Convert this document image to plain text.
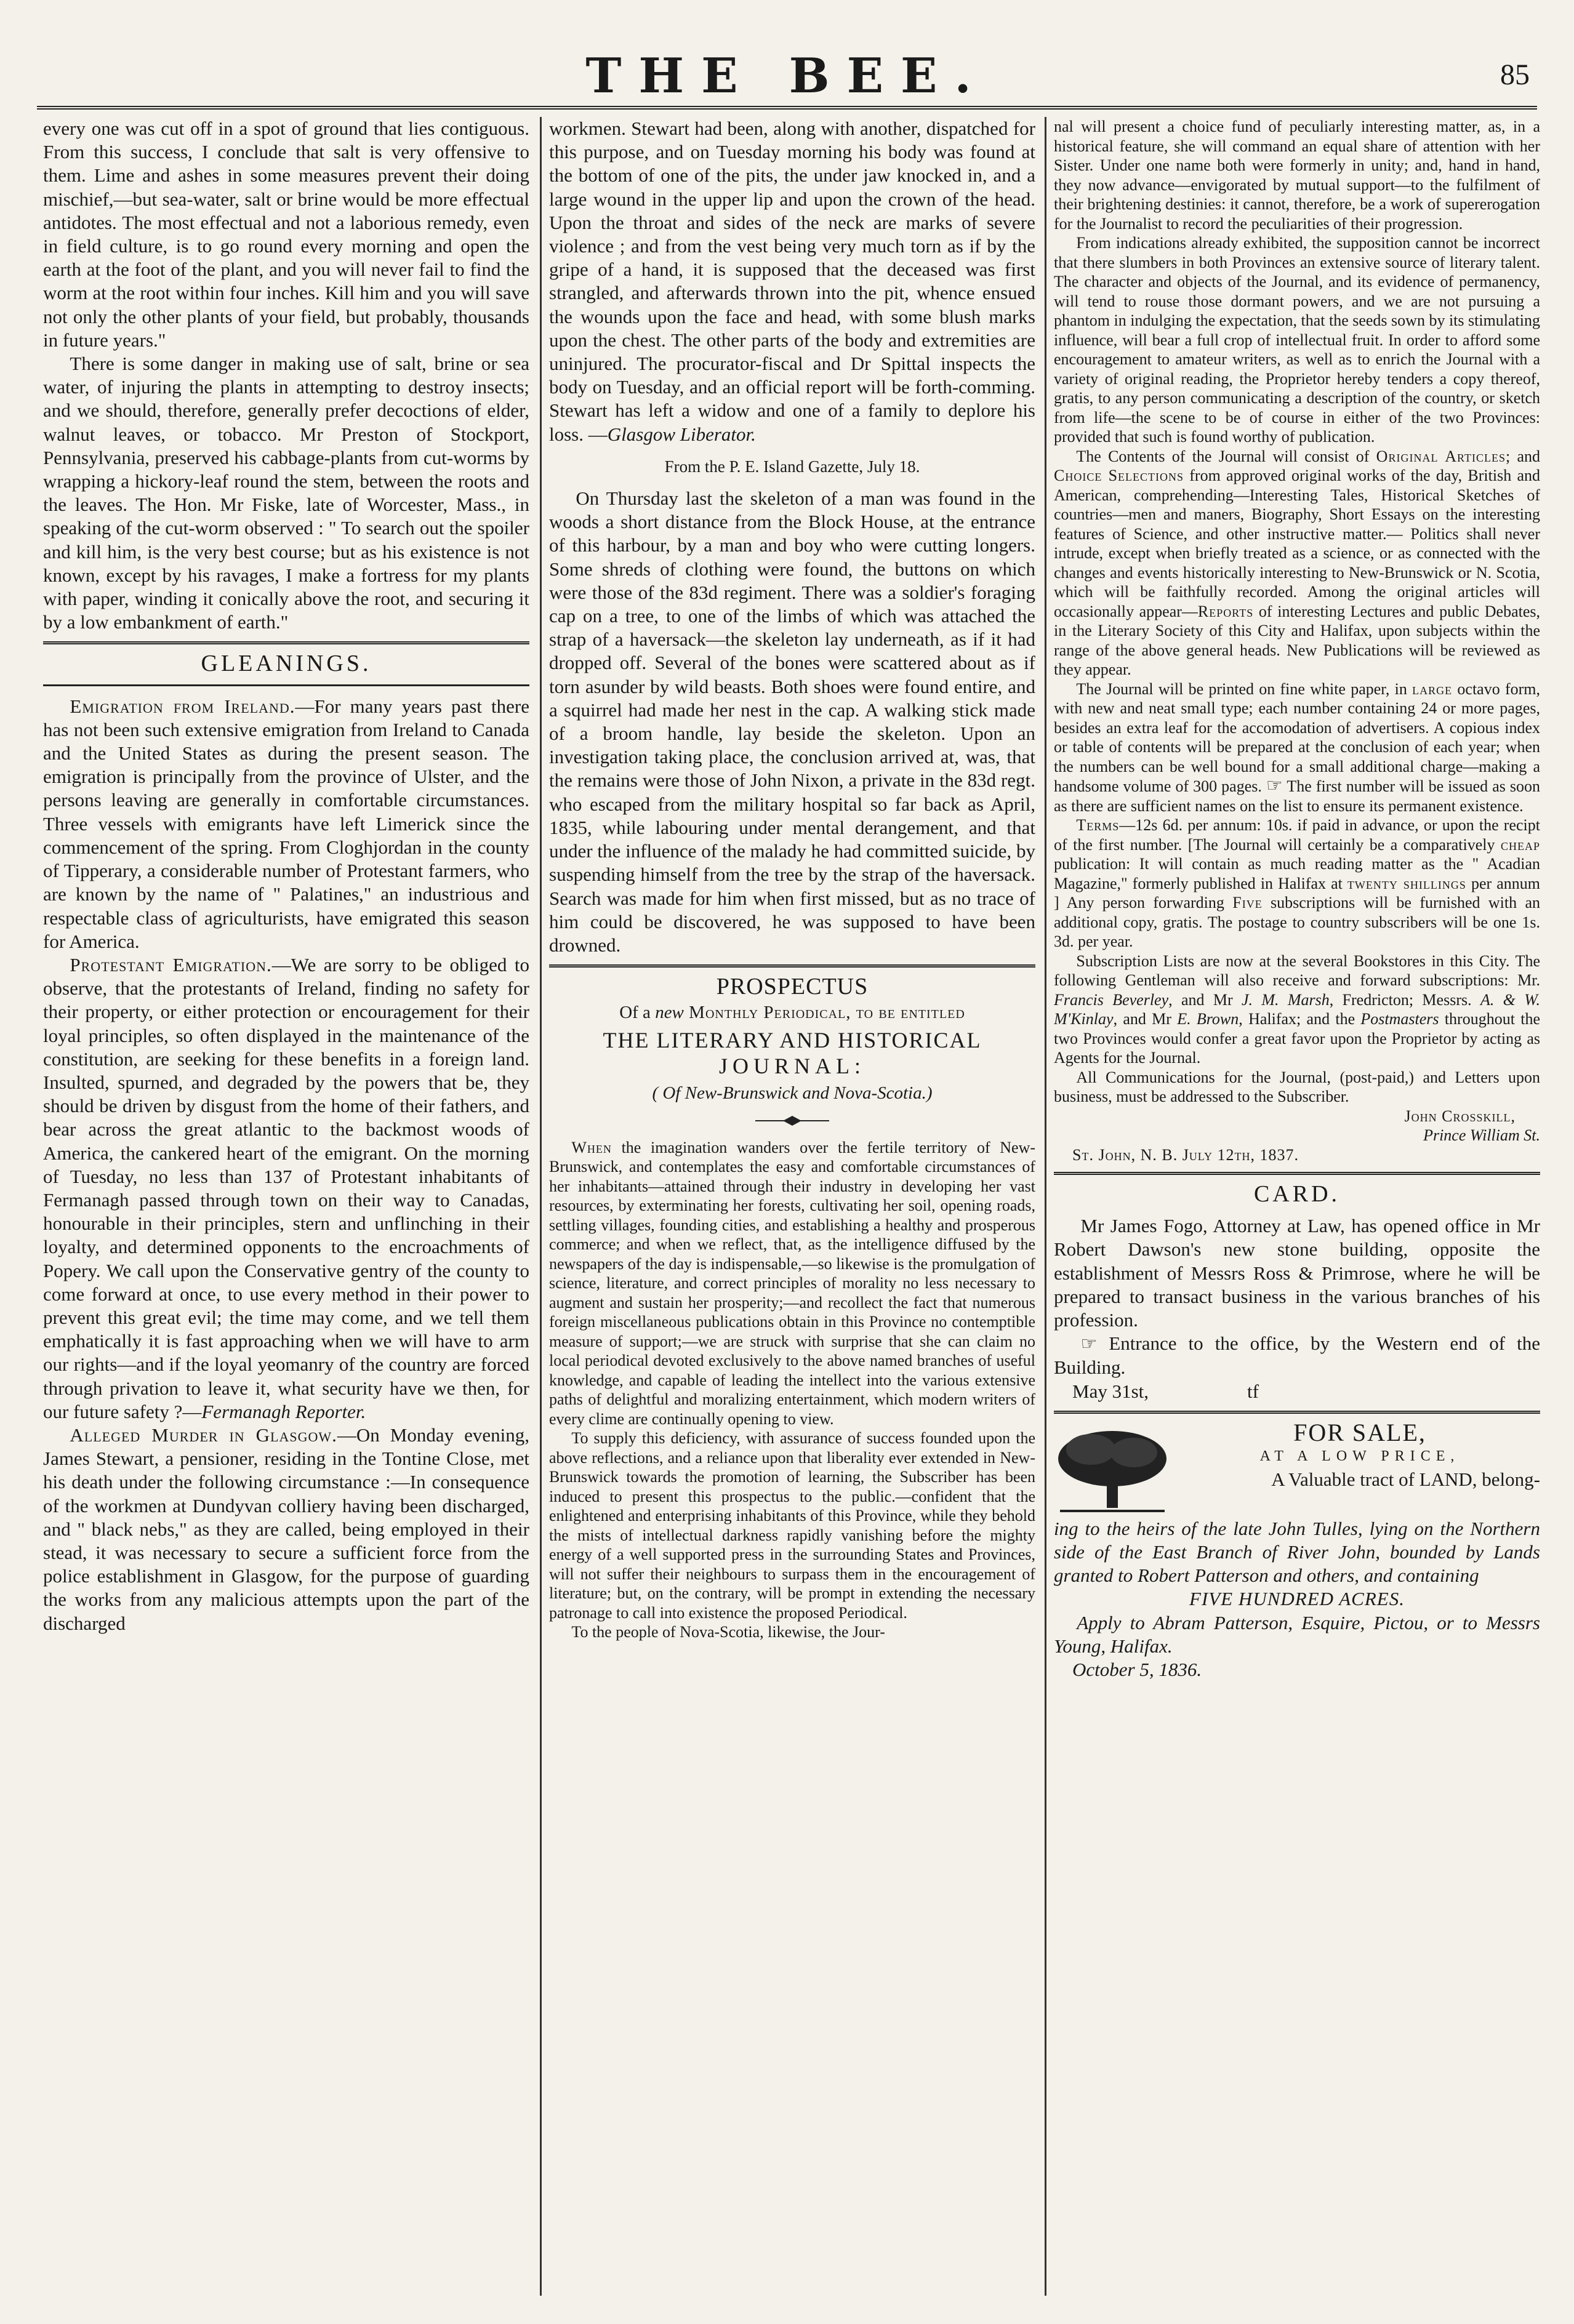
THE BEE.	85

every one was cut off in a spot of ground that lies contiguous. From this success, I conclude that salt is very offensive to them. Lime and ashes in some measures prevent their doing mischief,—but sea-water, salt or brine would be more effectual antidotes. The most effectual and not a laborious remedy, even in field culture, is to go round every morning and open the earth at the foot of the plant, and you will never fail to find the worm at the root within four inches. Kill him and you will save not only the other plants of your field, but probably, thousands in future years."

There is some danger in making use of salt, brine or sea water, of injuring the plants in attempting to destroy insects; and we should, therefore, generally prefer decoctions of elder, walnut leaves, or tobacco. Mr Preston of Stockport, Pennsylvania, preserved his cabbage-plants from cut-worms by wrapping a hickory-leaf round the stem, between the roots and the leaves. The Hon. Mr Fiske, late of Worcester, Mass., in speaking of the cut-worm observed : " To search out the spoiler and kill him, is the very best course; but as his existence is not known, except by his ravages, I make a fortress for my plants with paper, winding it conically above the root, and securing it by a low embankment of earth."

GLEANINGS.

Emigration from Ireland.—For many years past there has not been such extensive emigration from Ireland to Canada and the United States as during the present season. The emigration is principally from the province of Ulster, and the persons leaving are generally in comfortable circumstances. Three vessels with emigrants have left Limerick since the commencement of the spring. From Cloghjordan in the county of Tipperary, a considerable number of Protestant farmers, who are known by the name of " Palatines," an industrious and respectable class of agriculturists, have emigrated this season for America.

Protestant Emigration.—We are sorry to be obliged to observe, that the protestants of Ireland, finding no safety for their property, or either protection or encouragement for their loyal principles, so often displayed in the maintenance of the constitution, are seeking for these benefits in a foreign land. Insulted, spurned, and degraded by the powers that be, they should be driven by disgust from the home of their fathers, and bear across the great atlantic to the backmost woods of America, the cankered heart of the emigrant. On the morning of Tuesday, no less than 137 of Protestant inhabitants of Fermanagh passed through town on their way to Canadas, honourable in their principles, stern and unflinching in their loyalty, and determined opponents to the encroachments of Popery. We call upon the Conservative gentry of the county to come forward at once, to use every method in their power to prevent this great evil; the time may come, and we tell them emphatically it is fast approaching when we will have to arm our rights—and if the loyal yeomanry of the country are forced through privation to leave it, what security have we then, for our future safety ?—Fermanagh Reporter.

Alleged Murder in Glasgow.—On Monday evening, James Stewart, a pensioner, residing in the Tontine Close, met his death under the following circumstance :—In consequence of the workmen at Dundyvan colliery having been discharged, and " black nebs," as they are called, being employed in their stead, it was necessary to secure a sufficient force from the police establishment in Glasgow, for the purpose of guarding the works from any malicious attempts upon the part of the discharged

workmen. Stewart had been, along with another, dispatched for this purpose, and on Tuesday morning his body was found at the bottom of one of the pits, the under jaw knocked in, and a large wound in the upper lip and upon the crown of the head. Upon the throat and sides of the neck are marks of severe violence ; and from the vest being very much torn as if by the gripe of a hand, it is supposed that the deceased was first strangled, and afterwards thrown into the pit, whence ensued the wounds upon the face and head, with some blush marks upon the chest. The other parts of the body and extremities are uninjured. The procurator-fiscal and Dr Spittal inspects the body on Tuesday, and an official report will be forth-comming. Stewart has left a widow and one of a family to deplore his loss. —Glasgow Liberator.

From the P. E. Island Gazette, July 18.

On Thursday last the skeleton of a man was found in the woods a short distance from the Block House, at the entrance of this harbour, by a man and boy who were cutting longers. Some shreds of clothing were found, the buttons on which were those of the 83d regiment. There was a soldier's foraging cap on a tree, to one of the limbs of which was attached the strap of a haversack—the skeleton lay underneath, as if it had dropped off. Several of the bones were scattered about as if torn asunder by wild beasts. Both shoes were found entire, and a squirrel had made her nest in the cap. A walking stick made of a broom handle, lay beside the skeleton. Upon an investigation taking place, the conclusion arrived at, was, that the remains were those of John Nixon, a private in the 83d regt. who escaped from the military hospital so far back as April, 1835, while labouring under mental derangement, and that under the influence of the malady he had committed suicide, by suspending himself from the tree by the strap of the haversack. Search was made for him when first missed, but as no trace of him could be discovered, he was supposed to have been drowned.

PROSPECTUS
Of a new Monthly Periodical, to be entitled
THE LITERARY AND HISTORICAL
JOURNAL:
( Of New-Brunswick and Nova-Scotia.)

When the imagination wanders over the fertile territory of New-Brunswick, and contemplates the easy and comfortable circumstances of her inhabitants—attained through their industry in developing her vast resources, by exterminating her forests, cultivating her soil, opening roads, settling villages, founding cities, and establishing a healthy and prosperous commerce; and when we reflect, that, as the intelligence diffused by the newspapers of the day is indispensable,—so likewise is the promulgation of science, literature, and correct principles of morality no less necessary to augment and sustain her prosperity;—and recollect the fact that numerous foreign miscellaneous publications obtain in this Province no contemptible measure of support;—we are struck with surprise that she can claim no local periodical devoted exclusively to the above named branches of useful knowledge, and capable of leading the intellect into the various extensive paths of delightful and moralizing entertainment, which modern writers of every clime are continually opening to view.

To supply this deficiency, with assurance of success founded upon the above reflections, and a reliance upon that liberality ever extended in New-Brunswick towards the promotion of learning, the Subscriber has been induced to present this prospectus to the public.—confident that the enlightened and enterprising inhabitants of this Province, while they behold the mists of intellectual darkness rapidly vanishing before the mighty energy of a well supported press in the surrounding States and Provinces, will not suffer their neighbours to surpass them in the encouragement of literature; but, on the contrary, will be prompt in extending the necessary patronage to call into existence the proposed Periodical.

To the people of Nova-Scotia, likewise, the Jour-

nal will present a choice fund of peculiarly interesting matter, as, in a historical feature, she will command an equal share of attention with her Sister. Under one name both were formerly in unity; and, hand in hand, they now advance—envigorated by mutual support—to the fulfilment of their brightening destinies: it cannot, therefore, be a work of supererogation for the Journalist to record the peculiarities of their progression.

From indications already exhibited, the supposition cannot be incorrect that there slumbers in both Provinces an extensive source of literary talent. The character and objects of the Journal, and its evidence of permanency, will tend to rouse those dormant powers, and we are not pursuing a phantom in indulging the expectation, that the seeds sown by its stimulating influence, will bear a full crop of intellectual fruit. In order to afford some encouragement to amateur writers, as well as to enrich the Journal with a variety of original reading, the Proprietor hereby tenders a copy thereof, gratis, to any person communicating a description of the country, or sketch from life—the scene to be of course in either of the two Provinces: provided that such is found worthy of publication.

The Contents of the Journal will consist of Original Articles; and Choice Selections from approved original works of the day, British and American, comprehending—Interesting Tales, Historical Sketches of countries—men and maners, Biography, Short Essays on the interesting features of Science, and other instructive matter.— Politics shall never intrude, except when briefly treated as a science, or as connected with the changes and events historically interesting to New-Brunswick or N. Scotia, which will be faithfully recorded. Among the original articles will occasionally appear—Reports of interesting Lectures and public Debates, in the Literary Society of this City and Halifax, upon subjects within the range of the above general heads. New Publications will be reviewed as they appear.

The Journal will be printed on fine white paper, in large octavo form, with new and neat small type; each number containing 24 or more pages, besides an extra leaf for the accomodation of advertisers. A copious index or table of contents will be prepared at the conclusion of each year; when the numbers can be well bound for a small additional charge—making a handsome volume of 300 pages. ☞ The first number will be issued as soon as there are sufficient names on the list to ensure its permanent existence.

Terms—12s 6d. per annum: 10s. if paid in advance, or upon the recipt of the first number. [The Journal will certainly be a comparatively cheap publication: It will contain as much reading matter as the " Acadian Magazine," formerly published in Halifax at twenty shillings per annum ] Any person forwarding Five subscriptions will be furnished with an additional copy, gratis. The postage to country subscribers will be one 1s. 3d. per year.

Subscription Lists are now at the several Bookstores in this City. The following Gentleman will also receive and forward subscriptions: Mr. Francis Beverley, and Mr J. M. Marsh, Fredricton; Messrs. A. & W. M'Kinlay, and Mr E. Brown, Halifax; and the Postmasters throughout the two Provinces would confer a great favor upon the Proprietor by acting as Agents for the Journal.

All Communications for the Journal, (post-paid,) and Letters upon business, must be addressed to the Subscriber.

John Crosskill,
Prince William St.
St. John, N. B. July 12th, 1837.
CARD.

Mr James Fogo, Attorney at Law, has opened office in Mr Robert Dawson's new stone building, opposite the establishment of Messrs Ross & Primrose, where he will be prepared to transact business in the various branches of his profession.

☞ Entrance to the office, by the Western end of the Building.

May 31st,	tf
FOR SALE,
AT A LOW PRICE,
A Valuable tract of LAND, belong-
ing to the heirs of the late John Tulles, lying on the Northern side of the East Branch of River John, bounded by Lands granted to Robert Patterson and others, and containing
FIVE HUNDRED ACRES.
Apply to Abram Patterson, Esquire, Pictou, or to Messrs Young, Halifax.
October 5, 1836.
